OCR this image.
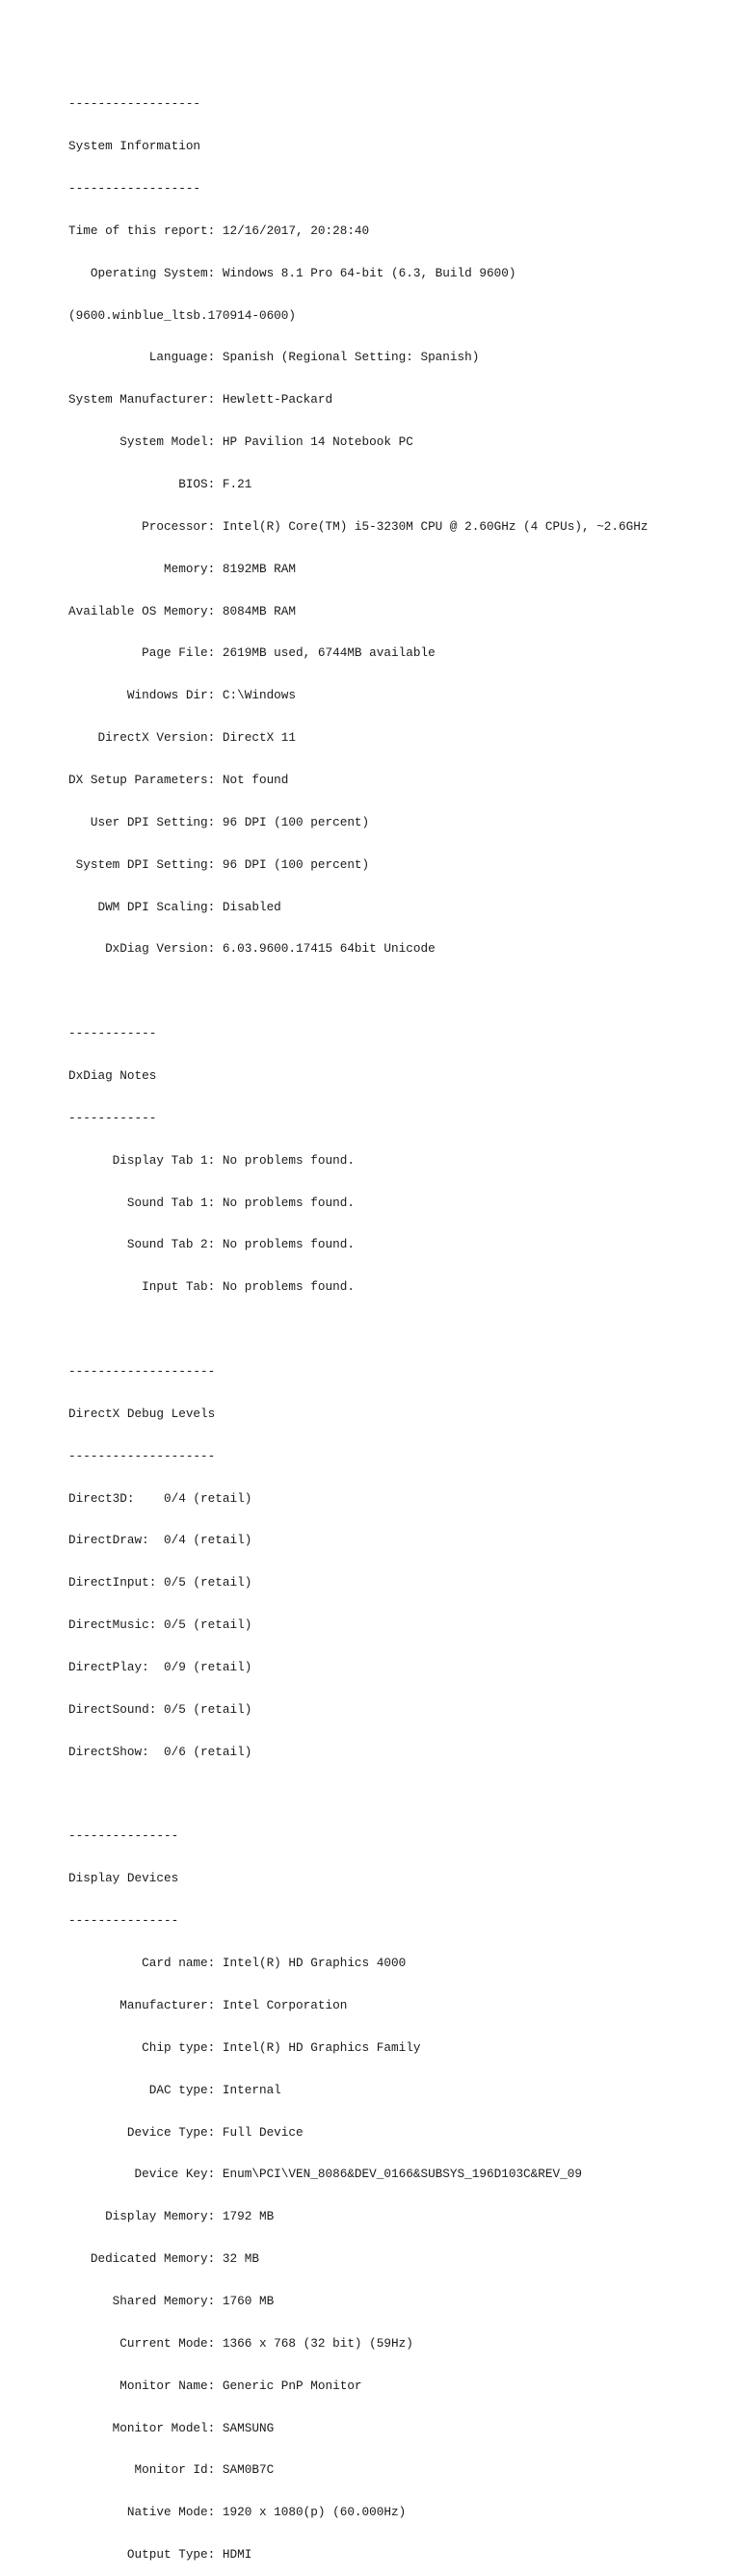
------------------

System Information

------------------

Time of this report: 12/16/2017, 20:28:40

Operating System: Windows 8.1 Pro 64-bit (6.3, Build 9600)

(9600.winblue_ltsb.170914-0600)

Language: Spanish (Regional Setting: Spanish)

System Manufacturer: Hewlett-Packard

System Model: HP Pavilion 14 Notebook PC

BIOS: F.21

Processor: Intel(R) Core(TM) i5-3230M CPU @ 2.60GHz (4 CPUs), ~2.6GHz

Memory: 8192MB RAM

Available OS Memory: 8084MB RAM

Page File: 2619MB used, 6744MB available

Windows Dir: C:\Windows

DirectX Version: DirectX 11

DX Setup Parameters: Not found

User DPI Setting: 96 DPI (100 percent)

System DPI Setting: 96 DPI (100 percent)

DWM DPI Scaling: Disabled

DxDiag Version: 6.03.9600.17415 64bit Unicode

------------

DxDiag Notes

------------

Display Tab 1: No problems found.

Sound Tab 1: No problems found.

Sound Tab 2: No problems found.

Input Tab: No problems found.

--------------------

DirectX Debug Levels

--------------------

Direct3D:    0/4 (retail)

DirectDraw:  0/4 (retail)

DirectInput: 0/5 (retail)

DirectMusic: 0/5 (retail)

DirectPlay:  0/9 (retail)

DirectSound: 0/5 (retail)

DirectShow:  0/6 (retail)

---------------

Display Devices

---------------

Card name: Intel(R) HD Graphics 4000

Manufacturer: Intel Corporation

Chip type: Intel(R) HD Graphics Family

DAC type: Internal

Device Type: Full Device

Device Key: Enum\PCI\VEN_8086&DEV_0166&SUBSYS_196D103C&REV_09

Display Memory: 1792 MB

Dedicated Memory: 32 MB

Shared Memory: 1760 MB

Current Mode: 1366 x 768 (32 bit) (59Hz)

Monitor Name: Generic PnP Monitor

Monitor Model: SAMSUNG

Monitor Id: SAM0B7C

Native Mode: 1920 x 1080(p) (60.000Hz)

Output Type: HDMI
